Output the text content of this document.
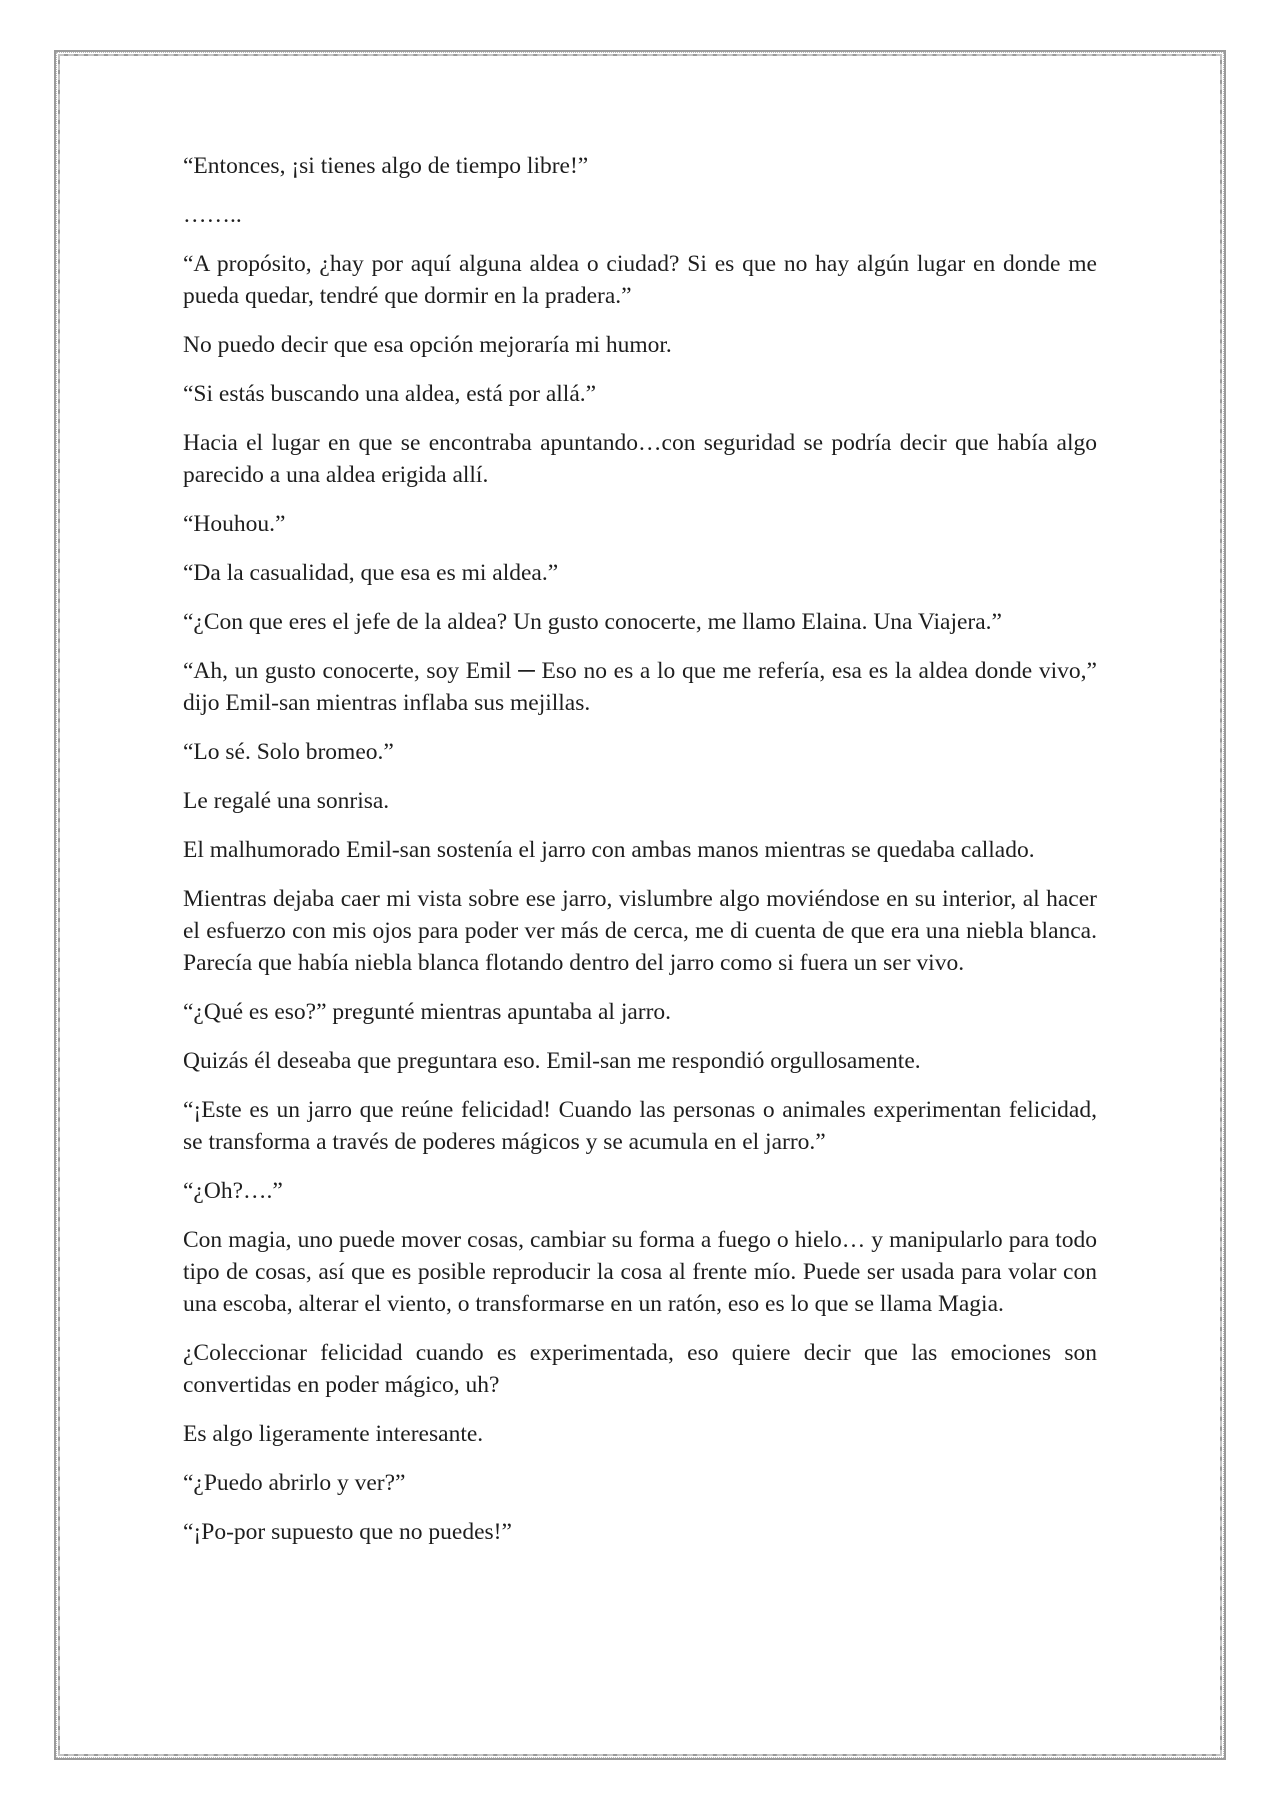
“Entonces, ¡si tienes algo de tiempo libre!”

……..

“A propósito, ¿hay por aquí alguna aldea o ciudad? Si es que no hay algún lugar en donde me pueda quedar, tendré que dormir en la pradera.”

No puedo decir que esa opción mejoraría mi humor.

“Si estás buscando una aldea, está por allá.”

Hacia el lugar en que se encontraba apuntando…con seguridad se podría decir que había algo parecido a una aldea erigida allí.

“Houhou.”

“Da la casualidad, que esa es mi aldea.”

“¿Con que eres el jefe de la aldea? Un gusto conocerte, me llamo Elaina. Una Viajera.”

“Ah, un gusto conocerte, soy Emil ─ Eso no es a lo que me refería, esa es la aldea donde vivo,” dijo Emil-san mientras inflaba sus mejillas.

“Lo sé. Solo bromeo.”

Le regalé una sonrisa.

El malhumorado Emil-san sostenía el jarro con ambas manos mientras se quedaba callado.

Mientras dejaba caer mi vista sobre ese jarro, vislumbre algo moviéndose en su interior, al hacer el esfuerzo con mis ojos para poder ver más de cerca, me di cuenta de que era una niebla blanca. Parecía que había niebla blanca flotando dentro del jarro como si fuera un ser vivo.

“¿Qué es eso?” pregunté mientras apuntaba al jarro.

Quizás él deseaba que preguntara eso. Emil-san me respondió orgullosamente.

“¡Este es un jarro que reúne felicidad! Cuando las personas o animales experimentan felicidad, se transforma a través de poderes mágicos y se acumula en el jarro.”

“¿Oh?….”

Con magia, uno puede mover cosas, cambiar su forma a fuego o hielo… y manipularlo para todo tipo de cosas, así que es posible reproducir la cosa al frente mío. Puede ser usada para volar con una escoba, alterar el viento, o transformarse en un ratón, eso es lo que se llama Magia.

¿Coleccionar felicidad cuando es experimentada, eso quiere decir que las emociones son convertidas en poder mágico, uh?

Es algo ligeramente interesante.

“¿Puedo abrirlo y ver?”

“¡Po-por supuesto que no puedes!”
